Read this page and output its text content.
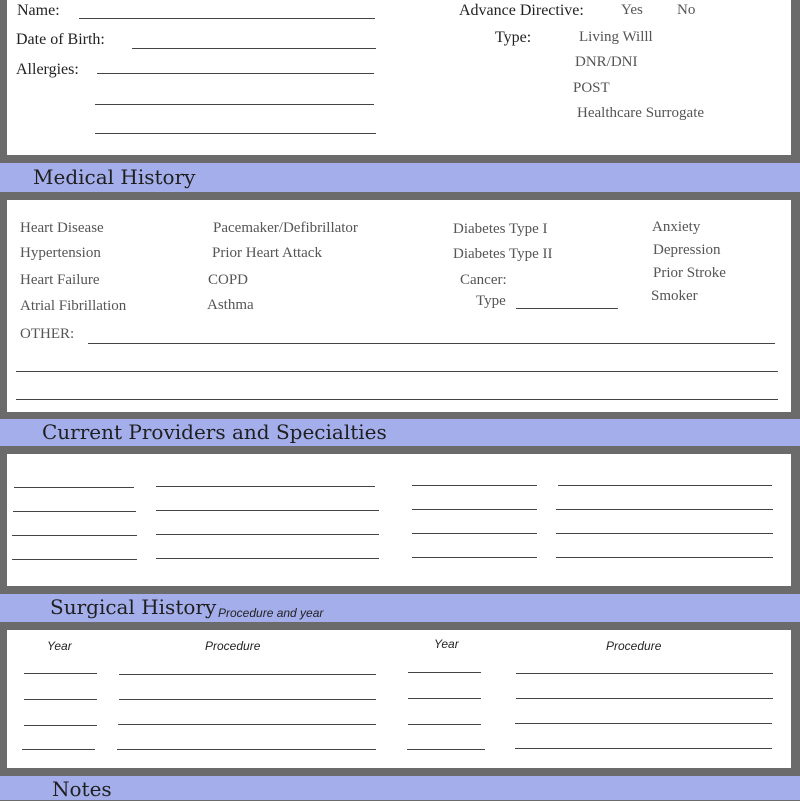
Name:
Date of Birth:
Allergies:
Advance Directive: Yes No
Type:	Living Willl
DNR/DNI
POST
Healthcare Surrogate
Medical History
Heart Disease
Hypertension
Heart Failure
Atrial Fibrillation
Pacemaker/Defibrillator
Prior Heart Attack
COPD
Asthma
Diabetes Type I
Diabetes Type II
Cancer:
Type
Anxiety
Depression
Prior Stroke
Smoker
OTHER:
Current Providers and Specialties
Surgical History Procedure and year
Year	Procedure	Year	Procedure
Notes
